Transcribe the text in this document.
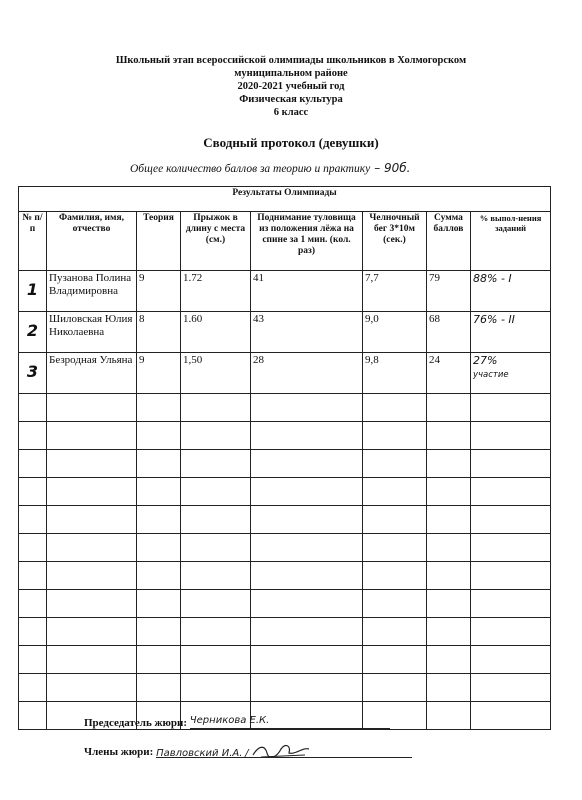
Школьный этап всероссийской олимпиады школьников в Холмогорском
муниципальном районе
2020-2021 учебный год
Физическая культура
6 класс
Сводный протокол (девушки)
Общее количество баллов за теорию и практику – 90б.
Результаты Олимпиады							
№ п/п	Фамилия, имя, отчество	Теория	Прыжок в длину с места (см.)	Поднимание туловища из положения лёжа на спине за 1 мин. (кол. раз)	Челночный бег 3*10м (сек.)	Сумма баллов	% выпол-нения заданий
1	Пузанова Полина Владимировна	9	1.72	41	7,7	79	88% - I
2	Шиловская Юлия Николаевна	8	1.60	43	9,0	68	76% - II
3	Безродная Ульяна	9	1,50	28	9,8	24	27%
участие

Председатель жюри: Черникова Е.К.
Члены жюри: Павловский И.А. /
